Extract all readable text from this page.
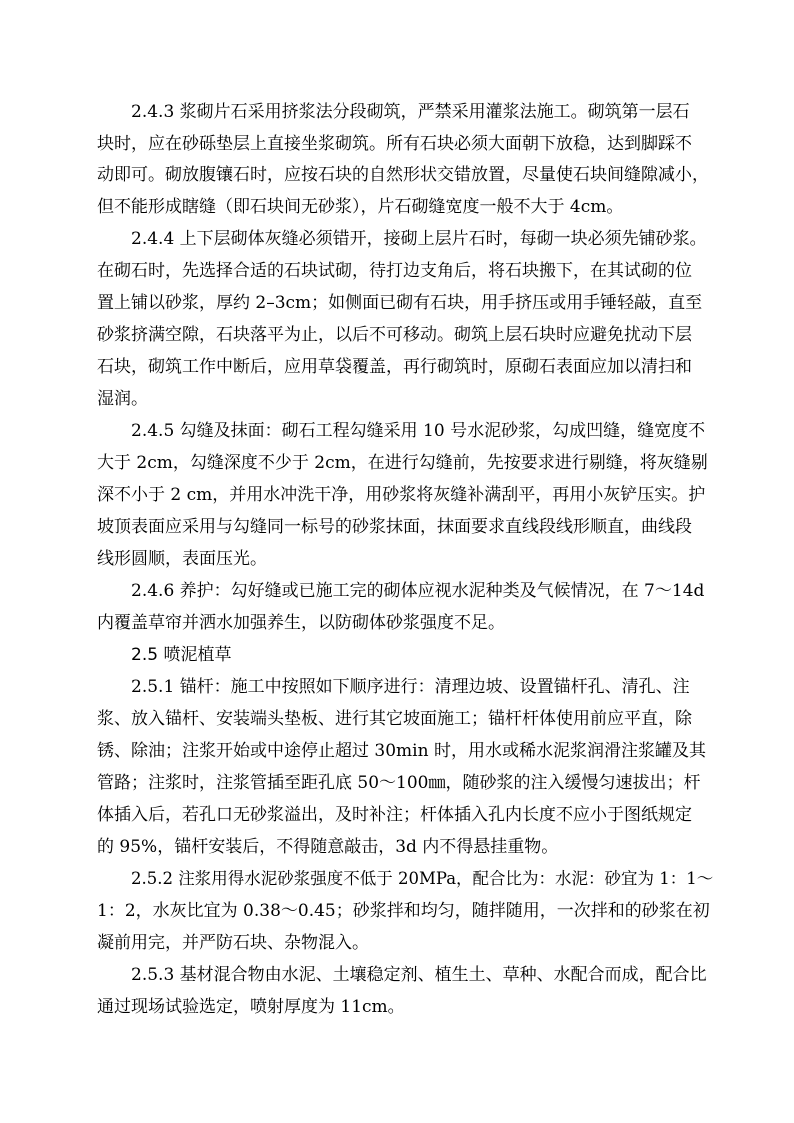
2.4.3 浆砌片石采用挤浆法分段砌筑，严禁采用灌浆法施工。砌筑第一层石
块时，应在砂砾垫层上直接坐浆砌筑。所有石块必须大面朝下放稳，达到脚踩不
动即可。砌放腹镶石时，应按石块的自然形状交错放置，尽量使石块间缝隙减小，
但不能形成瞎缝（即石块间无砂浆），片石砌缝宽度一般不大于 4cm。
2.4.4 上下层砌体灰缝必须错开，接砌上层片石时，每砌一块必须先铺砂浆。
在砌石时，先选择合适的石块试砌，待打边支角后，将石块搬下，在其试砌的位
置上铺以砂浆，厚约 2–3cm；如侧面已砌有石块，用手挤压或用手锤轻敲，直至
砂浆挤满空隙，石块落平为止，以后不可移动。砌筑上层石块时应避免扰动下层
石块，砌筑工作中断后，应用草袋覆盖，再行砌筑时，原砌石表面应加以清扫和
湿润。
2.4.5 勾缝及抹面：砌石工程勾缝采用 10 号水泥砂浆，勾成凹缝，缝宽度不
大于 2cm，勾缝深度不少于 2cm，在进行勾缝前，先按要求进行剔缝，将灰缝剔
深不小于 2 cm，并用水冲洗干净，用砂浆将灰缝补满刮平，再用小灰铲压实。护
坡顶表面应采用与勾缝同一标号的砂浆抹面，抹面要求直线段线形顺直，曲线段
线形圆顺，表面压光。
2.4.6 养护：勾好缝或已施工完的砌体应视水泥种类及气候情况，在 7～14d
内覆盖草帘并洒水加强养生，以防砌体砂浆强度不足。
2.5 喷泥植草
2.5.1 锚杆：施工中按照如下顺序进行：清理边坡、设置锚杆孔、清孔、注
浆、放入锚杆、安装端头垫板、进行其它坡面施工；锚杆杆体使用前应平直，除
锈、除油；注浆开始或中途停止超过 30min 时，用水或稀水泥浆润滑注浆罐及其
管路；注浆时，注浆管插至距孔底 50～100㎜，随砂浆的注入缓慢匀速拔出；杆
体插入后，若孔口无砂浆溢出，及时补注；杆体插入孔内长度不应小于图纸规定
的 95%，锚杆安装后，不得随意敲击，3d 内不得悬挂重物。
2.5.2 注浆用得水泥砂浆强度不低于 20MPa，配合比为：水泥：砂宜为 1：1～
1：2，水灰比宜为 0.38～0.45；砂浆拌和均匀，随拌随用，一次拌和的砂浆在初
凝前用完，并严防石块、杂物混入。
2.5.3 基材混合物由水泥、土壤稳定剂、植生土、草种、水配合而成，配合比
通过现场试验选定，喷射厚度为 11cm。
